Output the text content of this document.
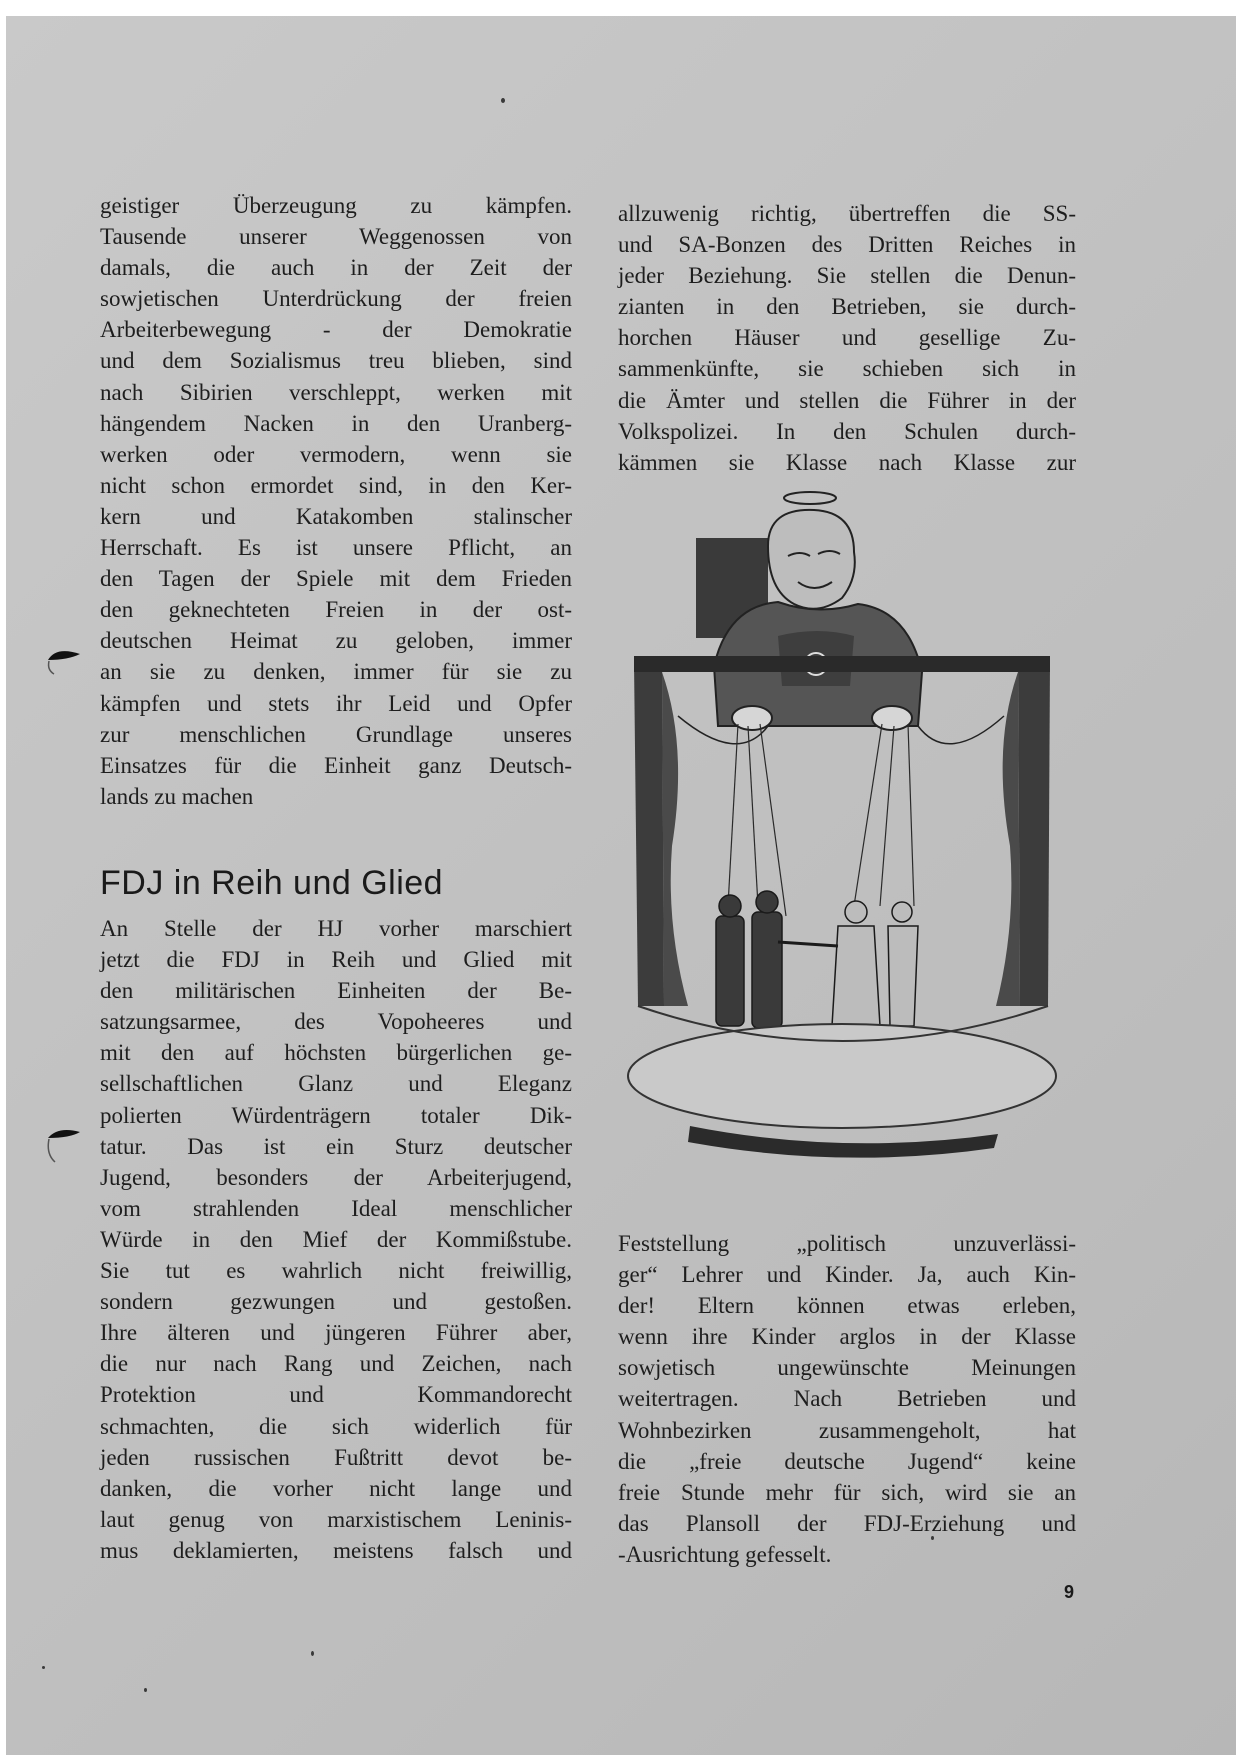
geistiger Überzeugung zu kämpfen.
Tausende unserer Weggenossen von
damals, die auch in der Zeit der
sowjetischen Unterdrückung der freien
Arbeiterbewegung - der Demokratie
und dem Sozialismus treu blieben, sind
nach Sibirien verschleppt, werken mit
hängendem Nacken in den Uranberg-
werken oder vermodern, wenn sie
nicht schon ermordet sind, in den Ker-
kern und Katakomben stalinscher
Herrschaft. Es ist unsere Pflicht, an
den Tagen der Spiele mit dem Frieden
den geknechteten Freien in der ost-
deutschen Heimat zu geloben, immer
an sie zu denken, immer für sie zu
kämpfen und stets ihr Leid und Opfer
zur menschlichen Grundlage unseres
Einsatzes für die Einheit ganz Deutsch-
lands zu machen
FDJ in Reih und Glied
An Stelle der HJ vorher marschiert
jetzt die FDJ in Reih und Glied mit
den militärischen Einheiten der Be-
satzungsarmee, des Vopoheeres und
mit den auf höchsten bürgerlichen ge-
sellschaftlichen Glanz und Eleganz
polierten Würdenträgern totaler Dik-
tatur. Das ist ein Sturz deutscher
Jugend, besonders der Arbeiterjugend,
vom strahlenden Ideal menschlicher
Würde in den Mief der Kommißstube.
Sie tut es wahrlich nicht freiwillig,
sondern gezwungen und gestoßen.
Ihre älteren und jüngeren Führer aber,
die nur nach Rang und Zeichen, nach
Protektion und Kommandorecht
schmachten, die sich widerlich für
jeden russischen Fußtritt devot be-
danken, die vorher nicht lange und
laut genug von marxistischem Leninis-
mus deklamierten, meistens falsch und
allzuwenig richtig, übertreffen die SS-
und SA-Bonzen des Dritten Reiches in
jeder Beziehung. Sie stellen die Denun-
zianten in den Betrieben, sie durch-
horchen Häuser und gesellige Zu-
sammenkünfte, sie schieben sich in
die Ämter und stellen die Führer in der
Volkspolizei. In den Schulen durch-
kämmen sie Klasse nach Klasse zur
Feststellung „politisch unzuverlässi-
ger“ Lehrer und Kinder. Ja, auch Kin-
der! Eltern können etwas erleben,
wenn ihre Kinder arglos in der Klasse
sowjetisch ungewünschte Meinungen
weitertragen. Nach Betrieben und
Wohnbezirken zusammengeholt, hat
die „freie deutsche Jugend“ keine
freie Stunde mehr für sich, wird sie an
das Plansoll der FDJ-Erziehung und
-Ausrichtung gefesselt.
9
